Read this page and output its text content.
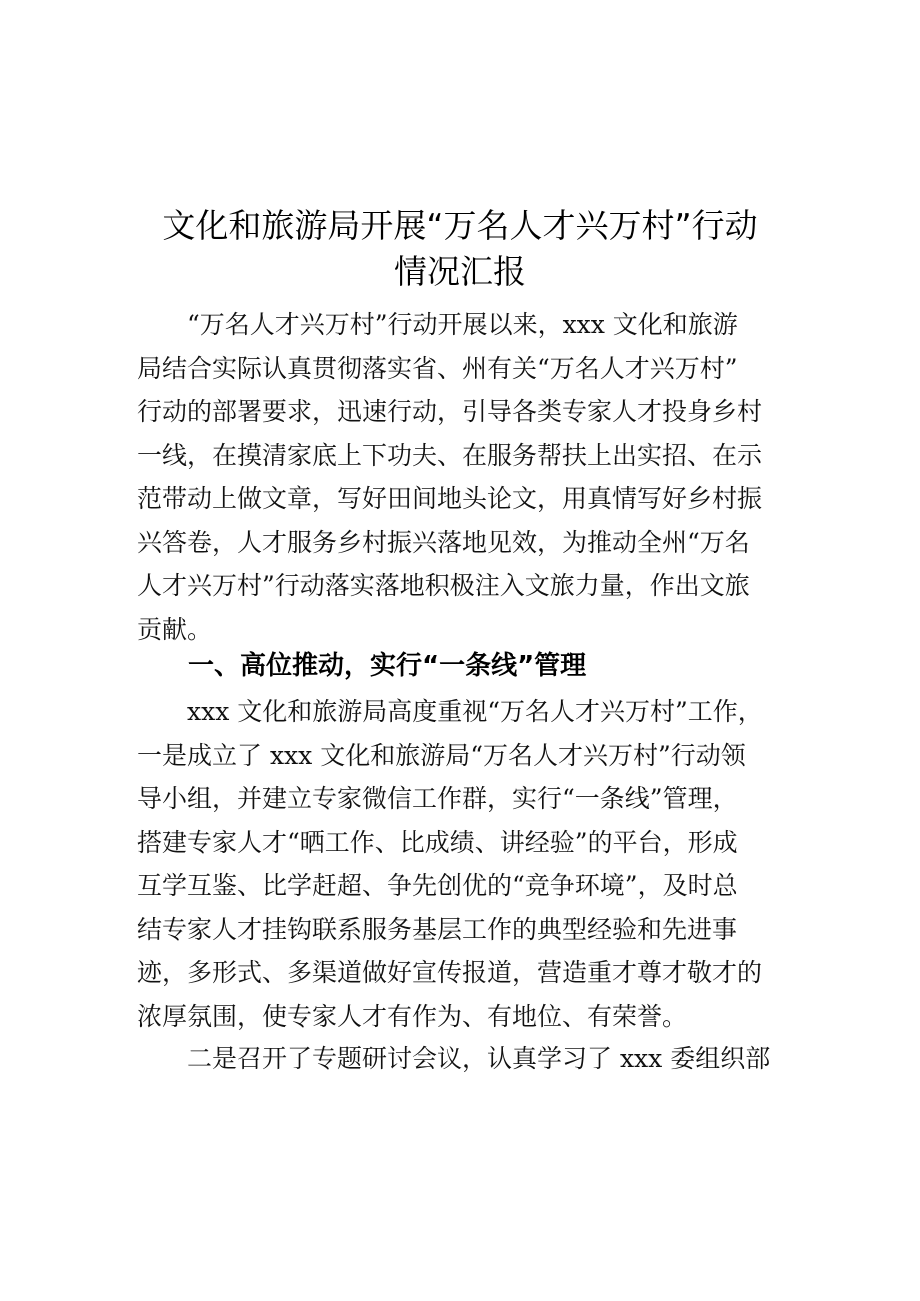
文化和旅游局开展“万名人才兴万村”行动
情况汇报
“万名人才兴万村”行动开展以来，xxx 文化和旅游
局结合实际认真贯彻落实省、州有关“万名人才兴万村”
行动的部署要求，迅速行动，引导各类专家人才投身乡村
一线，在摸清家底上下功夫、在服务帮扶上出实招、在示
范带动上做文章，写好田间地头论文，用真情写好乡村振
兴答卷，人才服务乡村振兴落地见效，为推动全州“万名
人才兴万村”行动落实落地积极注入文旅力量，作出文旅
贡献。
一、高位推动，实行“一条线”管理
xxx 文化和旅游局高度重视“万名人才兴万村”工作，
一是成立了 xxx 文化和旅游局“万名人才兴万村”行动领
导小组，并建立专家微信工作群，实行“一条线”管理，
搭建专家人才“晒工作、比成绩、讲经验”的平台，形成
互学互鉴、比学赶超、争先创优的“竞争环境”，及时总
结专家人才挂钩联系服务基层工作的典型经验和先进事
迹，多形式、多渠道做好宣传报道，营造重才尊才敬才的
浓厚氛围，使专家人才有作为、有地位、有荣誉。
二是召开了专题研讨会议，认真学习了 xxx 委组织部
